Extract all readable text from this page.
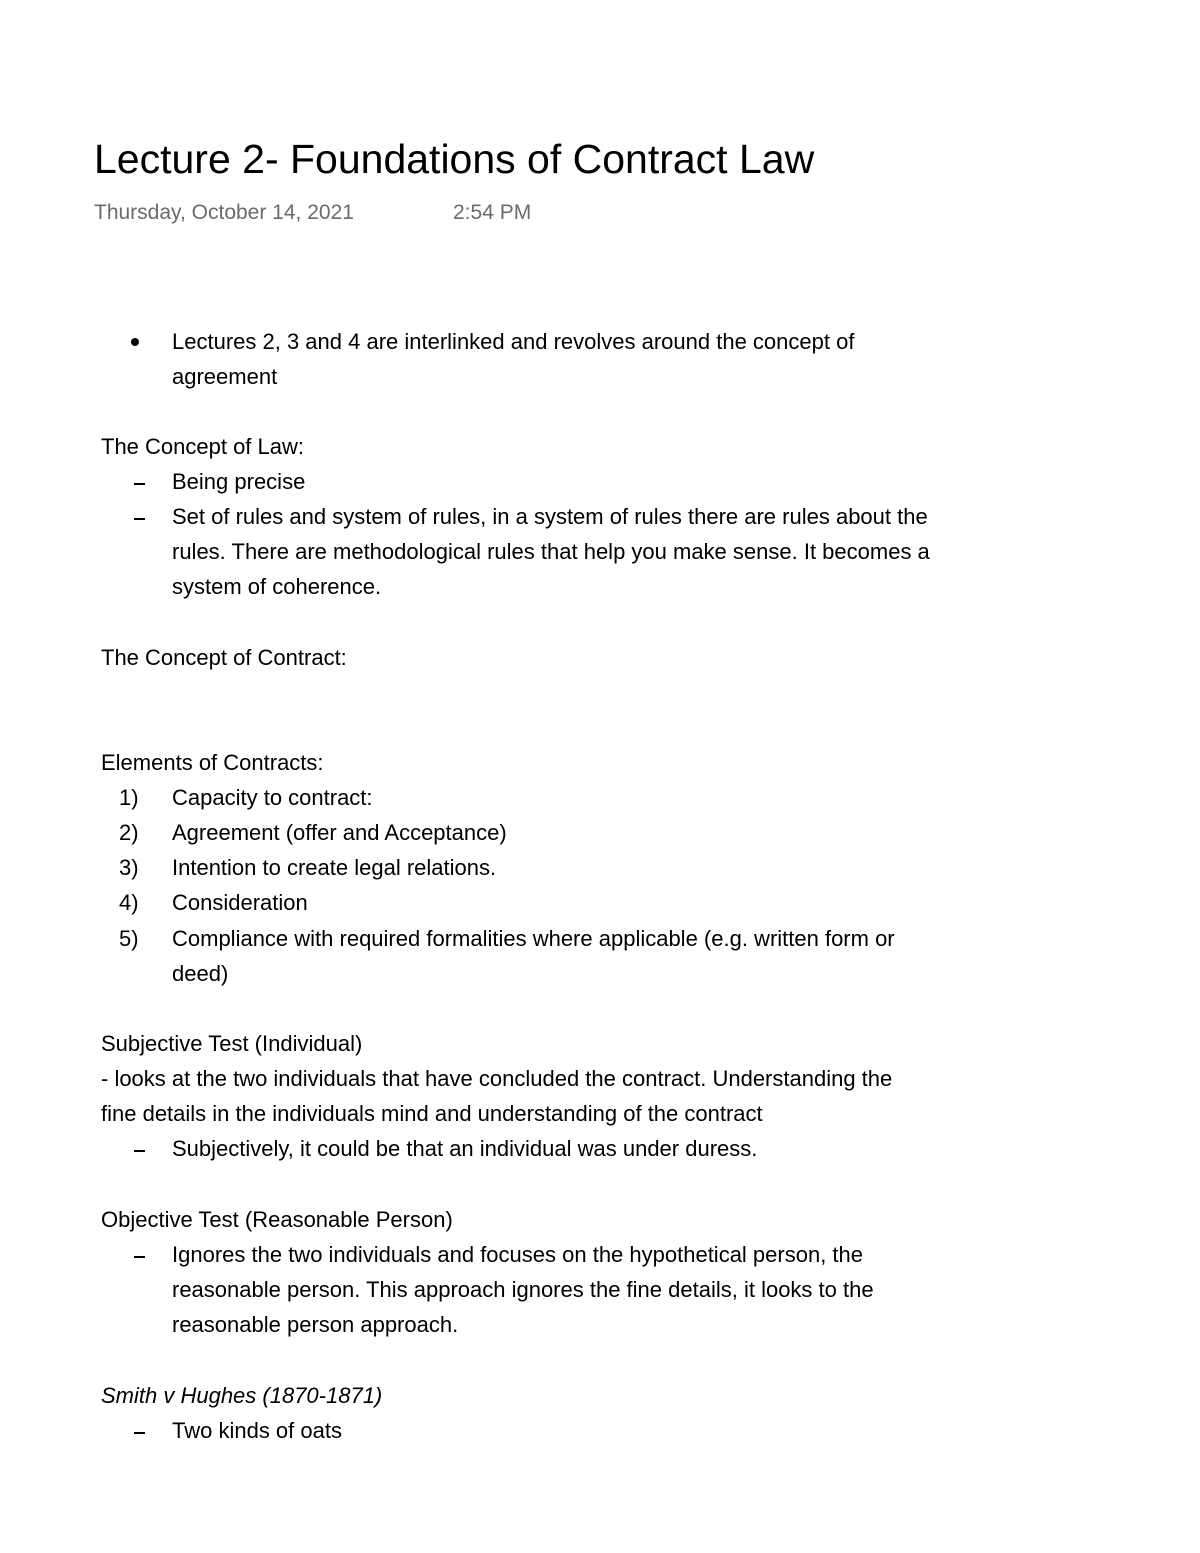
Lecture 2- Foundations of Contract Law
Thursday, October 14, 2021	2:54 PM
Lectures 2, 3 and 4 are interlinked and revolves around the concept of
agreement
The Concept of Law:
Being precise
Set of rules and system of rules, in a system of rules there are rules about the
rules. There are methodological rules that help you make sense. It becomes a
system of coherence.
The Concept of Contract:
Elements of Contracts:
1) Capacity to contract:
2) Agreement (offer and Acceptance)
3) Intention to create legal relations.
4) Consideration
5) Compliance with required formalities where applicable (e.g. written form or
deed)
Subjective Test (Individual)
- looks at the two individuals that have concluded the contract. Understanding the
fine details in the individuals mind and understanding of the contract
Subjectively, it could be that an individual was under duress.
Objective Test (Reasonable Person)
Ignores the two individuals and focuses on the hypothetical person, the
reasonable person. This approach ignores the fine details, it looks to the
reasonable person approach.
Smith v Hughes (1870-1871)
Two kinds of oats
